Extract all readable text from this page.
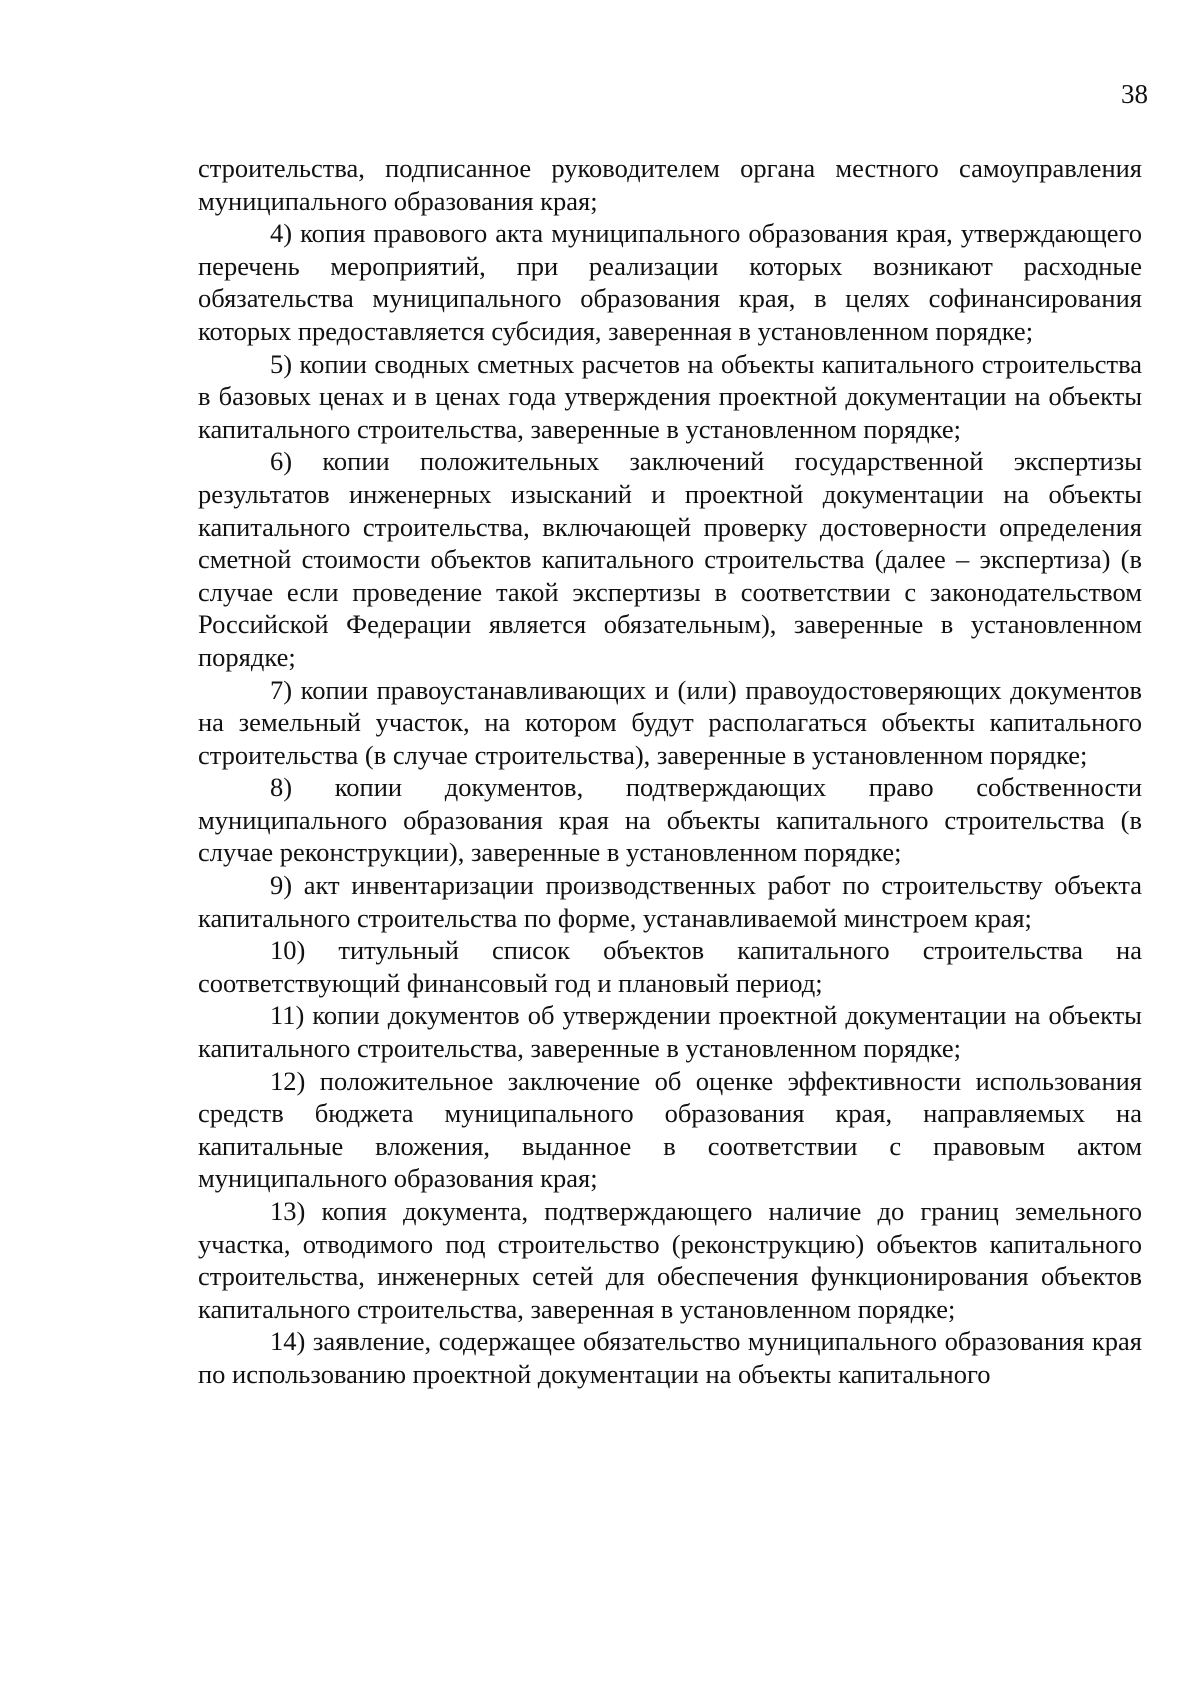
38

строительства, подписанное руководителем органа местного самоуправления муниципального образования края;

4) копия правового акта муниципального образования края, утверждающего перечень мероприятий, при реализации которых возникают расходные обязательства муниципального образования края, в целях софинансирования которых предоставляется субсидия, заверенная в установленном порядке;

5) копии сводных сметных расчетов на объекты капитального строительства в базовых ценах и в ценах года утверждения проектной документации на объекты капитального строительства, заверенные в установленном порядке;

6) копии положительных заключений государственной экспертизы результатов инженерных изысканий и проектной документации на объекты капитального строительства, включающей проверку достоверности определения сметной стоимости объектов капитального строительства (далее – экспертиза) (в случае если проведение такой экспертизы в соответствии с законодательством Российской Федерации является обязательным), заверенные в установленном порядке;

7) копии правоустанавливающих и (или) правоудостоверяющих документов на земельный участок, на котором будут располагаться объекты капитального строительства (в случае строительства), заверенные в установленном порядке;

8) копии документов, подтверждающих право собственности муниципального образования края на объекты капитального строительства (в случае реконструкции), заверенные в установленном порядке;

9) акт инвентаризации производственных работ по строительству объекта капитального строительства по форме, устанавливаемой минстроем края;

10) титульный список объектов капитального строительства на соответствующий финансовый год и плановый период;

11) копии документов об утверждении проектной документации на объекты капитального строительства, заверенные в установленном порядке;

12) положительное заключение об оценке эффективности использования средств бюджета муниципального образования края, направляемых на капитальные вложения, выданное в соответствии с правовым актом муниципального образования края;

13) копия документа, подтверждающего наличие до границ земельного участка, отводимого под строительство (реконструкцию) объектов капитального строительства, инженерных сетей для обеспечения функционирования объектов капитального строительства, заверенная в установленном порядке;

14) заявление, содержащее обязательство муниципального образования края по использованию проектной документации на объекты капитального
